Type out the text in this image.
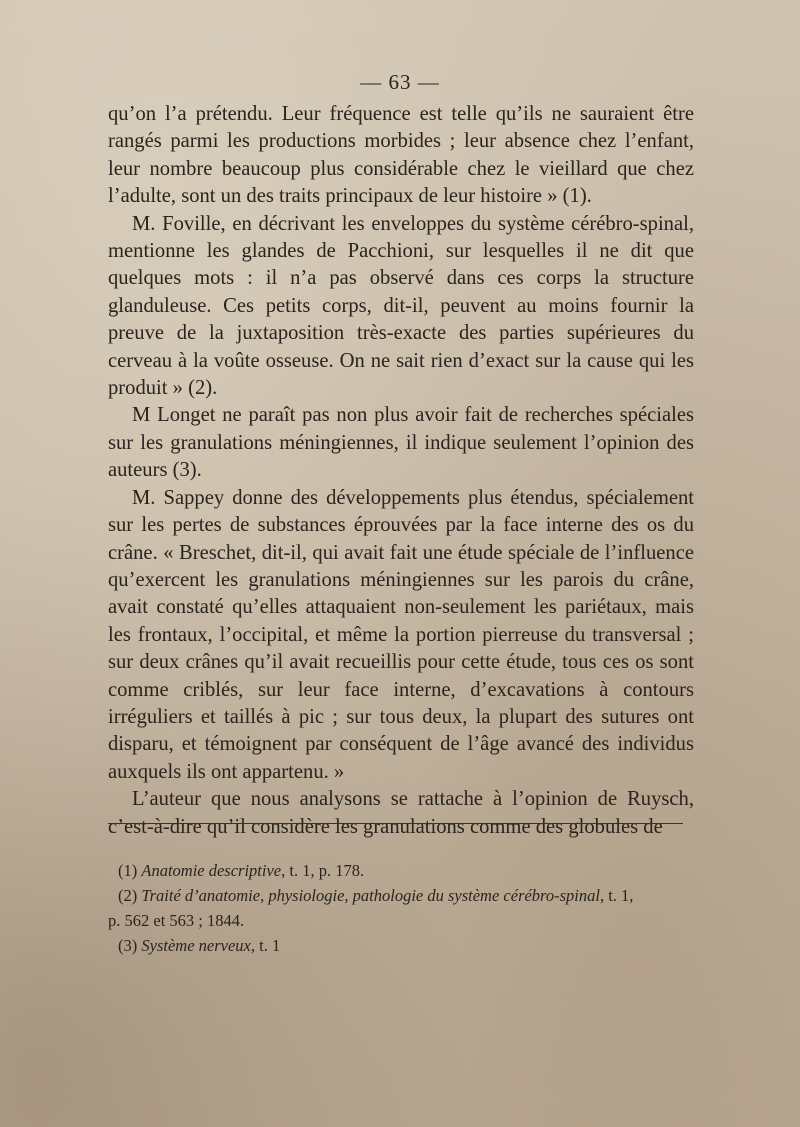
— 63 —

qu’on l’a prétendu. Leur fréquence est telle qu’ils ne sauraient être rangés parmi les productions morbides ; leur absence chez l’enfant, leur nombre beaucoup plus considérable chez le vieillard que chez l’adulte, sont un des traits principaux de leur histoire » (1).

M. Foville, en décrivant les enveloppes du système cérébro-spinal, mentionne les glandes de Pacchioni, sur lesquelles il ne dit que quelques mots : il n’a pas observé dans ces corps la structure glanduleuse. Ces petits corps, dit-il, peuvent au moins fournir la preuve de la juxtaposition très-exacte des parties supérieures du cerveau à la voûte osseuse. On ne sait rien d’exact sur la cause qui les produit » (2).

M Longet ne paraît pas non plus avoir fait de recherches spéciales sur les granulations méningiennes, il indique seulement l’opinion des auteurs (3).

M. Sappey donne des développements plus étendus, spécialement sur les pertes de substances éprouvées par la face interne des os du crâne. « Breschet, dit-il, qui avait fait une étude spéciale de l’influence qu’exercent les granulations méningiennes sur les parois du crâne, avait constaté qu’elles attaquaient non-seulement les pariétaux, mais les frontaux, l’occipital, et même la portion pierreuse du transversal ; sur deux crânes qu’il avait recueillis pour cette étude, tous ces os sont comme criblés, sur leur face interne, d’excavations à contours irréguliers et taillés à pic ; sur tous deux, la plupart des sutures ont disparu, et témoignent par conséquent de l’âge avancé des individus auxquels ils ont appartenu. »

L’auteur que nous analysons se rattache à l’opinion de Ruysch, c’est-à-dire qu’il considère les granulations comme des globules de

(1) Anatomie descriptive, t. 1, p. 178.

(2) Traité d’anatomie, physiologie, pathologie du système cérébro-spinal, t. 1,
p. 562 et 563 ; 1844.

(3) Système nerveux, t. 1
